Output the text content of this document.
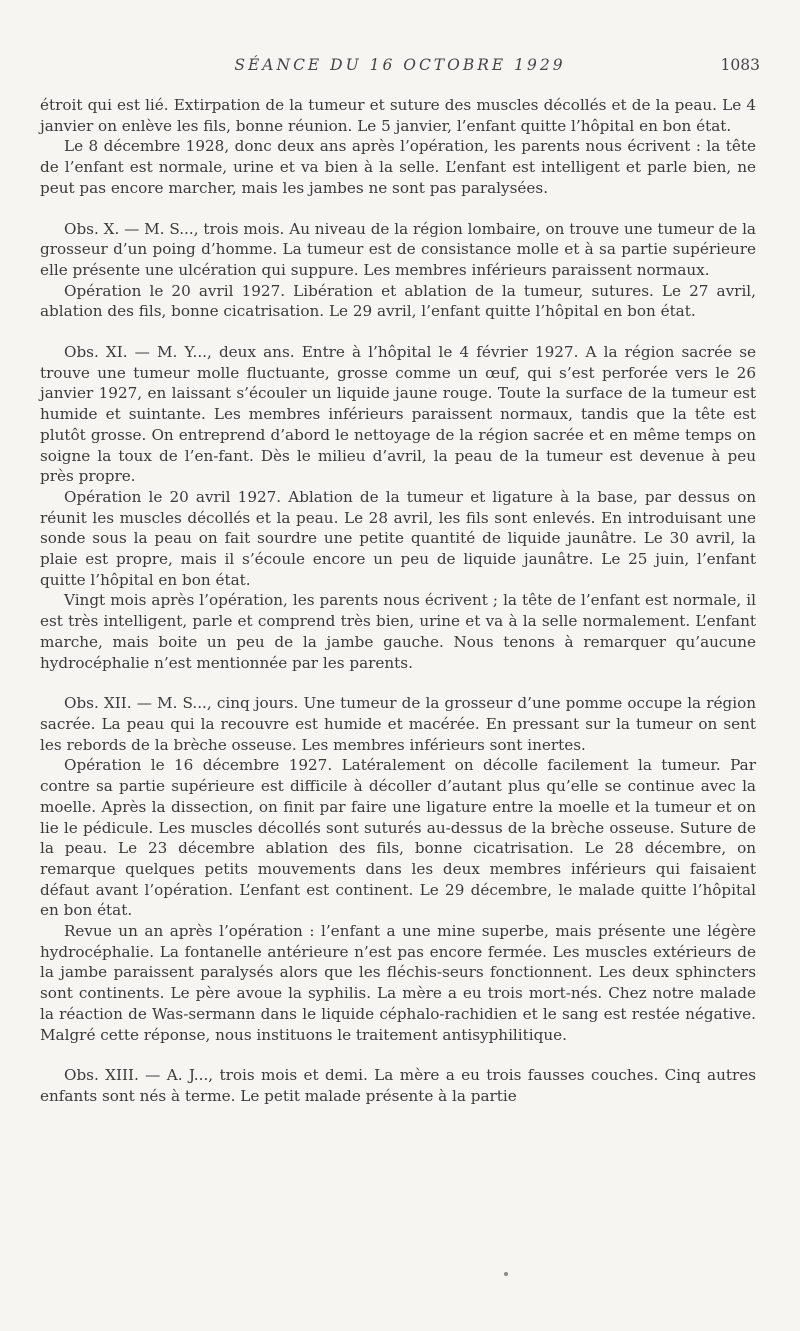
SÉANCE DU 16 OCTOBRE 1929	1083

étroit qui est lié. Extirpation de la tumeur et suture des muscles décollés et de la peau. Le 4 janvier on enlève les fils, bonne réunion. Le 5 janvier, l’enfant quitte l’hôpital en bon état.

Le 8 décembre 1928, donc deux ans après l’opération, les parents nous écrivent : la tête de l’enfant est normale, urine et va bien à la selle. L’enfant est intelligent et parle bien, ne peut pas encore marcher, mais les jambes ne sont pas paralysées.

Obs. X. — M. S..., trois mois. Au niveau de la région lombaire, on trouve une tumeur de la grosseur d’un poing d’homme. La tumeur est de consistance molle et à sa partie supérieure elle présente une ulcération qui suppure. Les membres inférieurs paraissent normaux.

Opération le 20 avril 1927. Libération et ablation de la tumeur, sutures. Le 27 avril, ablation des fils, bonne cicatrisation. Le 29 avril, l’enfant quitte l’hôpital en bon état.

Obs. XI. — M. Y..., deux ans. Entre à l’hôpital le 4 février 1927. A la région sacrée se trouve une tumeur molle fluctuante, grosse comme un œuf, qui s’est perforée vers le 26 janvier 1927, en laissant s’écouler un liquide jaune rouge. Toute la surface de la tumeur est humide et suintante. Les membres inférieurs paraissent normaux, tandis que la tête est plutôt grosse. On entreprend d’abord le nettoyage de la région sacrée et en même temps on soigne la toux de l’en-fant. Dès le milieu d’avril, la peau de la tumeur est devenue à peu près propre.

Opération le 20 avril 1927. Ablation de la tumeur et ligature à la base, par dessus on réunit les muscles décollés et la peau. Le 28 avril, les fils sont enlevés. En introduisant une sonde sous la peau on fait sourdre une petite quantité de liquide jaunâtre. Le 30 avril, la plaie est propre, mais il s’écoule encore un peu de liquide jaunâtre. Le 25 juin, l’enfant quitte l’hôpital en bon état.

Vingt mois après l’opération, les parents nous écrivent ; la tête de l’enfant est normale, il est très intelligent, parle et comprend très bien, urine et va à la selle normalement. L’enfant marche, mais boite un peu de la jambe gauche. Nous tenons à remarquer qu’aucune hydrocéphalie n’est mentionnée par les parents.

Obs. XII. — M. S..., cinq jours. Une tumeur de la grosseur d’une pomme occupe la région sacrée. La peau qui la recouvre est humide et macérée. En pressant sur la tumeur on sent les rebords de la brèche osseuse. Les membres inférieurs sont inertes.

Opération le 16 décembre 1927. Latéralement on décolle facilement la tumeur. Par contre sa partie supérieure est difficile à décoller d’autant plus qu’elle se continue avec la moelle. Après la dissection, on finit par faire une ligature entre la moelle et la tumeur et on lie le pédicule. Les muscles décollés sont suturés au-dessus de la brèche osseuse. Suture de la peau. Le 23 décembre ablation des fils, bonne cicatrisation. Le 28 décembre, on remarque quelques petits mouvements dans les deux membres inférieurs qui faisaient défaut avant l’opération. L’enfant est continent. Le 29 décembre, le malade quitte l’hôpital en bon état.

Revue un an après l’opération : l’enfant a une mine superbe, mais présente une légère hydrocéphalie. La fontanelle antérieure n’est pas encore fermée. Les muscles extérieurs de la jambe paraissent paralysés alors que les fléchis-seurs fonctionnent. Les deux sphincters sont continents. Le père avoue la syphilis. La mère a eu trois mort-nés. Chez notre malade la réaction de Was-sermann dans le liquide céphalo-rachidien et le sang est restée négative. Malgré cette réponse, nous instituons le traitement antisyphilitique.

Obs. XIII. — A. J..., trois mois et demi. La mère a eu trois fausses couches. Cinq autres enfants sont nés à terme. Le petit malade présente à la partie
